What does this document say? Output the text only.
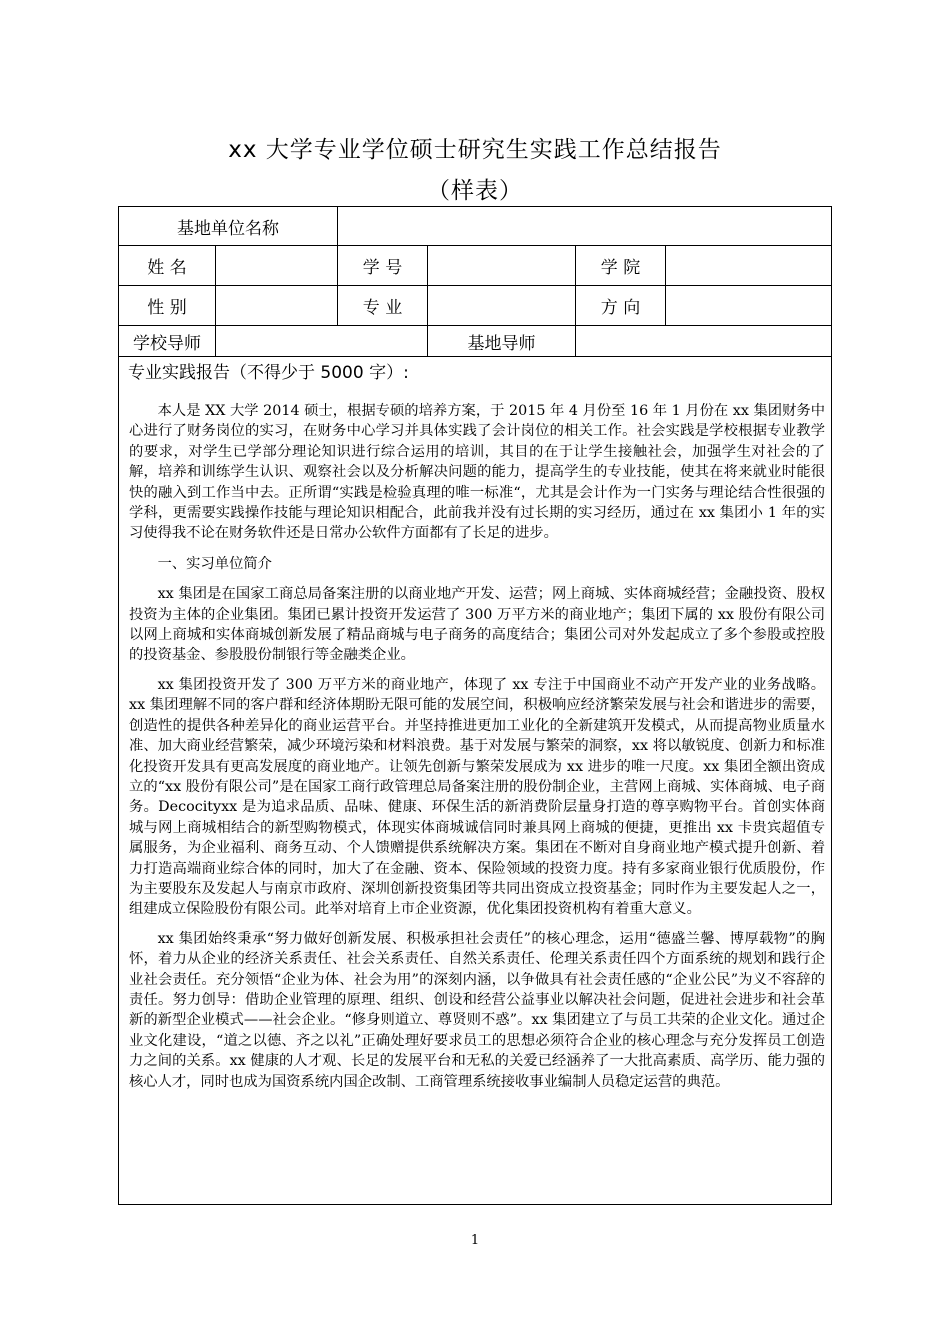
xx 大学专业学位硕士研究生实践工作总结报告
（样表）
基地单位名称
姓 名	学 号	学 院
性 别	专 业	方 向
学校导师	基地导师
专业实践报告（不得少于 5000 字）:

本人是 XX 大学 2014 硕士，根据专硕的培养方案，于 2015 年 4 月份至 16 年 1 月份在 xx 集团财务中心进行了财务岗位的实习，在财务中心学习并具体实践了会计岗位的相关工作。社会实践是学校根据专业教学的要求，对学生已学部分理论知识进行综合运用的培训，其目的在于让学生接触社会，加强学生对社会的了解，培养和训练学生认识、观察社会以及分析解决问题的能力，提高学生的专业技能，使其在将来就业时能很快的融入到工作当中去。正所谓“实践是检验真理的唯一标准“，尤其是会计作为一门实务与理论结合性很强的学科，更需要实践操作技能与理论知识相配合，此前我并没有过长期的实习经历，通过在 xx 集团小 1 年的实习使得我不论在财务软件还是日常办公软件方面都有了长足的进步。

一、实习单位简介

xx 集团是在国家工商总局备案注册的以商业地产开发、运营；网上商城、实体商城经营；金融投资、股权投资为主体的企业集团。集团已累计投资开发运营了 300 万平方米的商业地产；集团下属的 xx 股份有限公司以网上商城和实体商城创新发展了精品商城与电子商务的高度结合；集团公司对外发起成立了多个参股或控股的投资基金、参股股份制银行等金融类企业。

xx 集团投资开发了 300 万平方米的商业地产，体现了 xx 专注于中国商业不动产开发产业的业务战略。xx 集团理解不同的客户群和经济体期盼无限可能的发展空间，积极响应经济繁荣发展与社会和谐进步的需要，创造性的提供各种差异化的商业运营平台。并坚持推进更加工业化的全新建筑开发模式，从而提高物业质量水准、加大商业经营繁荣，减少环境污染和材料浪费。基于对发展与繁荣的洞察，xx 将以敏锐度、创新力和标准化投资开发具有更高发展度的商业地产。让领先创新与繁荣发展成为 xx 进步的唯一尺度。xx 集团全额出资成立的“xx 股份有限公司”是在国家工商行政管理总局备案注册的股份制企业，主营网上商城、实体商城、电子商务。Decocityxx 是为追求品质、品味、健康、环保生活的新消费阶层量身打造的尊享购物平台。首创实体商城与网上商城相结合的新型购物模式，体现实体商城诚信同时兼具网上商城的便捷，更推出 xx 卡贵宾超值专属服务，为企业福利、商务互动、个人馈赠提供系统解决方案。集团在不断对自身商业地产模式提升创新、着力打造高端商业综合体的同时，加大了在金融、资本、保险领域的投资力度。持有多家商业银行优质股份，作为主要股东及发起人与南京市政府、深圳创新投资集团等共同出资成立投资基金；同时作为主要发起人之一，组建成立保险股份有限公司。此举对培育上市企业资源，优化集团投资机构有着重大意义。

xx 集团始终秉承“努力做好创新发展、积极承担社会责任”的核心理念，运用“德盛兰馨、博厚载物”的胸怀，着力从企业的经济关系责任、社会关系责任、自然关系责任、伦理关系责任四个方面系统的规划和践行企业社会责任。充分领悟“企业为体、社会为用”的深刻内涵，以争做具有社会责任感的“企业公民”为义不容辞的责任。努力创导：借助企业管理的原理、组织、创设和经营公益事业以解决社会问题，促进社会进步和社会革新的新型企业模式——社会企业。“修身则道立、尊贤则不惑”。xx 集团建立了与员工共荣的企业文化。通过企业文化建设，“道之以德、齐之以礼”正确处理好要求员工的思想必须符合企业的核心理念与充分发挥员工创造力之间的关系。xx 健康的人才观、长足的发展平台和无私的关爱已经涵养了一大批高素质、高学历、能力强的核心人才，同时也成为国资系统内国企改制、工商管理系统接收事业编制人员稳定运营的典范。

1
